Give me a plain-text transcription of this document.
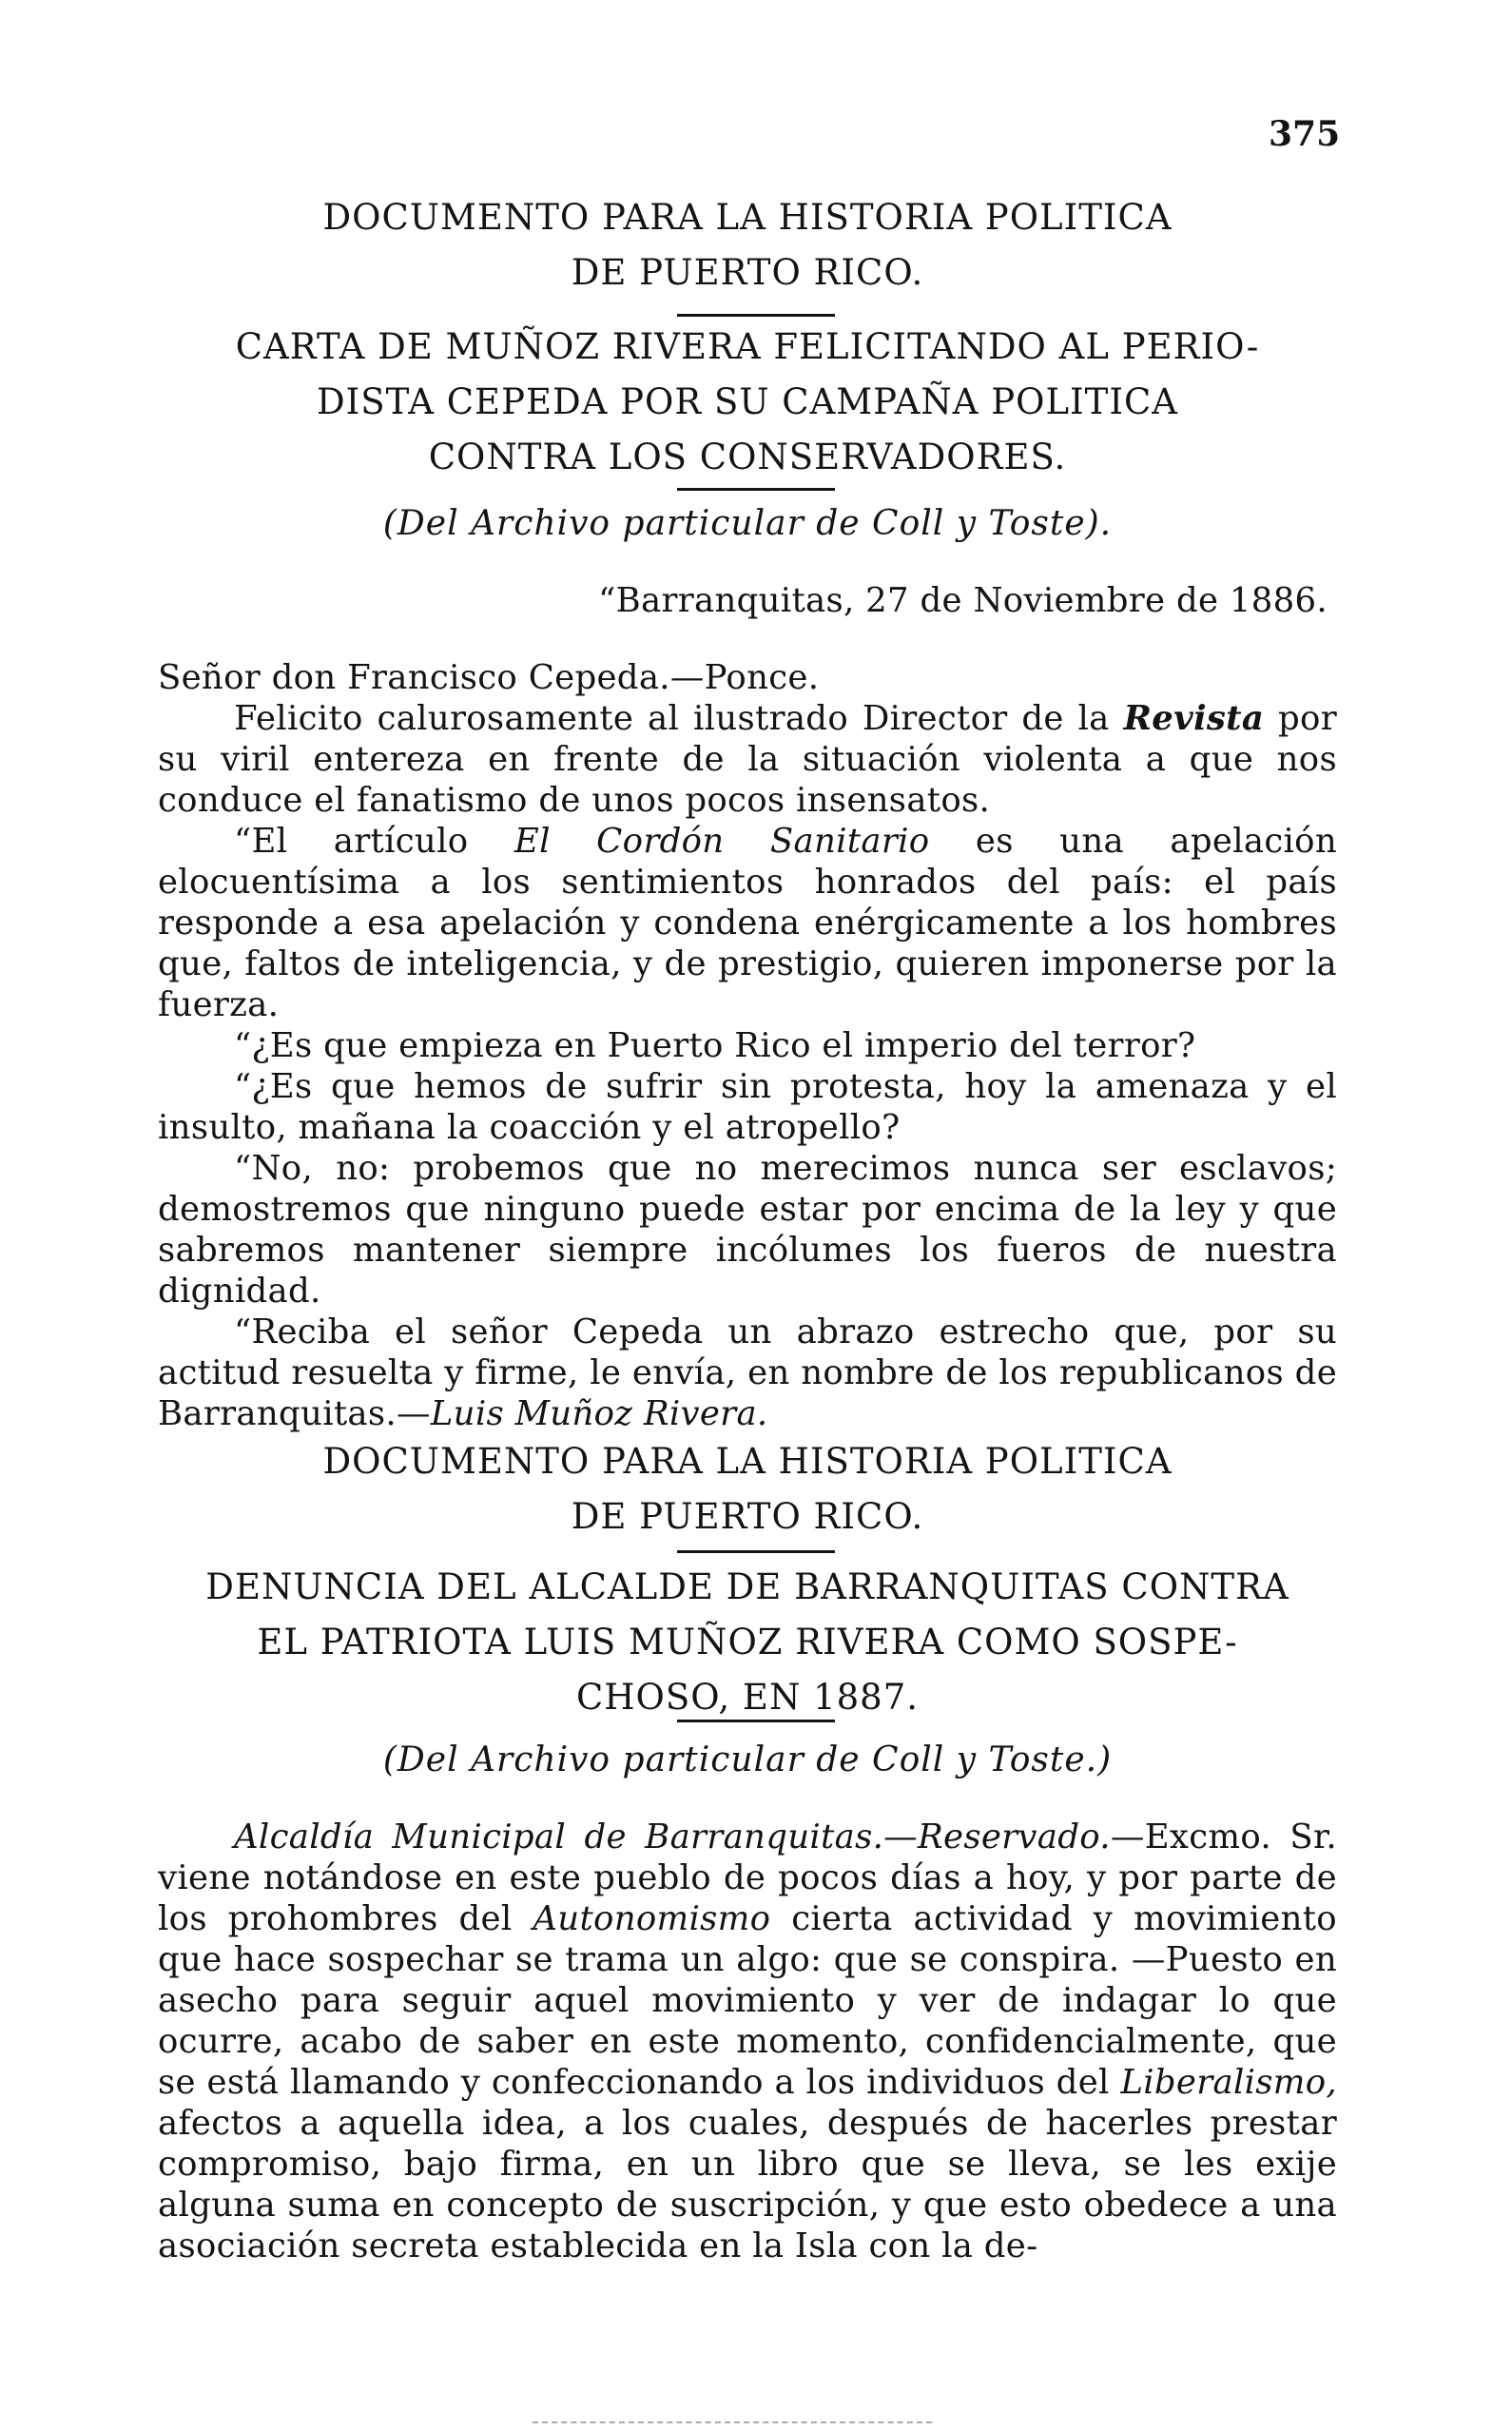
375
DOCUMENTO PARA LA HISTORIA POLITICA
DE PUERTO RICO.
CARTA DE MUÑOZ RIVERA FELICITANDO AL PERIO-
DISTA CEPEDA POR SU CAMPAÑA POLITICA
CONTRA LOS CONSERVADORES.
(Del Archivo particular de Coll y Toste).

“Barranquitas, 27 de Noviembre de 1886.

Señor don Francisco Cepeda.—Ponce.

Felicito calurosamente al ilustrado Director de la Revista por su viril entereza en frente de la situación violenta a que nos conduce el fanatismo de unos pocos insensatos.

“El artículo El Cordón Sanitario es una apelación elocuentísima a los sentimientos honrados del país: el país responde a esa apelación y condena enérgicamente a los hombres que, faltos de inteligencia, y de prestigio, quieren imponerse por la fuerza.

“¿Es que empieza en Puerto Rico el imperio del terror?

“¿Es que hemos de sufrir sin protesta, hoy la amenaza y el insulto, mañana la coacción y el atropello?

“No, no: probemos que no merecimos nunca ser esclavos; demostremos que ninguno puede estar por encima de la ley y que sabremos mantener siempre incólumes los fueros de nuestra dignidad.

“Reciba el señor Cepeda un abrazo estrecho que, por su actitud resuelta y firme, le envía, en nombre de los republicanos de Barranquitas.—Luis Muñoz Rivera.

DOCUMENTO PARA LA HISTORIA POLITICA
DE PUERTO RICO.
DENUNCIA DEL ALCALDE DE BARRANQUITAS CONTRA
EL PATRIOTA LUIS MUÑOZ RIVERA COMO SOSPE-
CHOSO, EN 1887.
(Del Archivo particular de Coll y Toste.)

Alcaldía Municipal de Barranquitas.—Reservado.—Excmo. Sr. viene notándose en este pueblo de pocos días a hoy, y por parte de los prohombres del Autonomismo cierta actividad y movimiento que hace sospechar se trama un algo: que se conspira. —Puesto en asecho para seguir aquel movimiento y ver de indagar lo que ocurre, acabo de saber en este momento, confidencialmente, que se está llamando y confeccionando a los individuos del Liberalismo, afectos a aquella idea, a los cuales, después de hacerles prestar compromiso, bajo firma, en un libro que se lleva, se les exije alguna suma en concepto de suscripción, y que esto obedece a una asociación secreta establecida en la Isla con la de-
